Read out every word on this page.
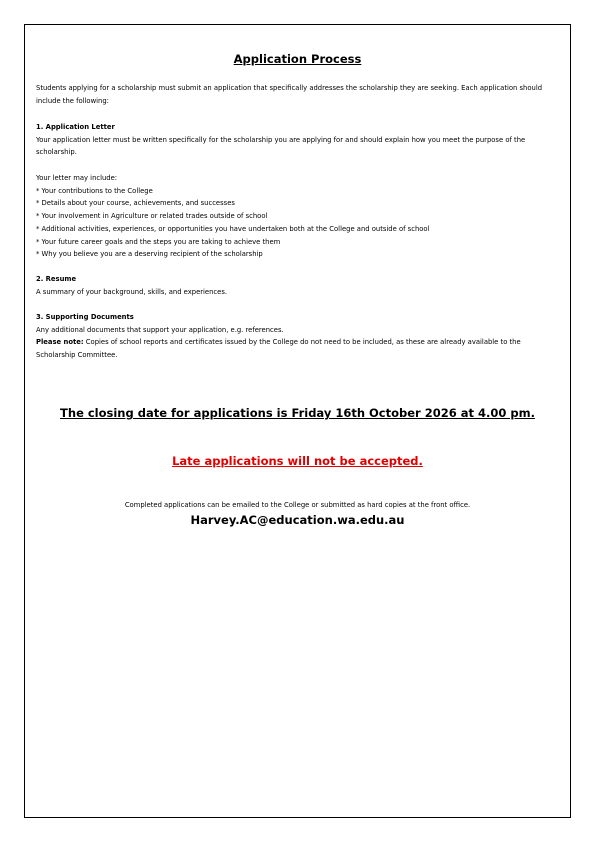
Application Process

Students applying for a scholarship must submit an application that specifically addresses the scholarship they are seeking. Each application should include the following:

1. Application Letter

Your application letter must be written specifically for the scholarship you are applying for and should explain how you meet the purpose of the scholarship.

Your letter may include:

* Your contributions to the College
* Details about your course, achievements, and successes
* Your involvement in Agriculture or related trades outside of school
* Additional activities, experiences, or opportunities you have undertaken both at the College and outside of school
* Your future career goals and the steps you are taking to achieve them
* Why you believe you are a deserving recipient of the scholarship

2. Resume

A summary of your background, skills, and experiences.

3. Supporting Documents

Any additional documents that support your application, e.g. references.

Please note: Copies of school reports and certificates issued by the College do not need to be included, as these are already available to the Scholarship Committee.

The closing date for applications is Friday 16th October 2026 at 4.00 pm.

Late applications will not be accepted.

Completed applications can be emailed to the College or submitted as hard copies at the front office.

Harvey.AC@education.wa.edu.au
